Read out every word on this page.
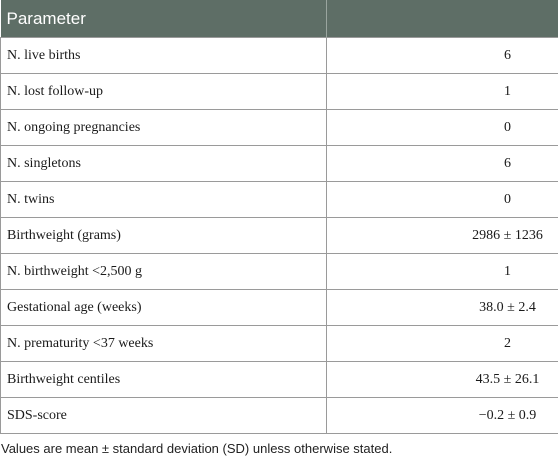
Parameter	
N. live births	6
N. lost follow-up	1
N. ongoing pregnancies	0
N. singletons	6
N. twins	0
Birthweight (grams)	2986 ± 1236
N. birthweight <2,500 g	1
Gestational age (weeks)	38.0 ± 2.4
N. prematurity <37 weeks	2
Birthweight centiles	43.5 ± 26.1
SDS-score	−0.2 ± 0.9
Values are mean ± standard deviation (SD) unless otherwise stated.
